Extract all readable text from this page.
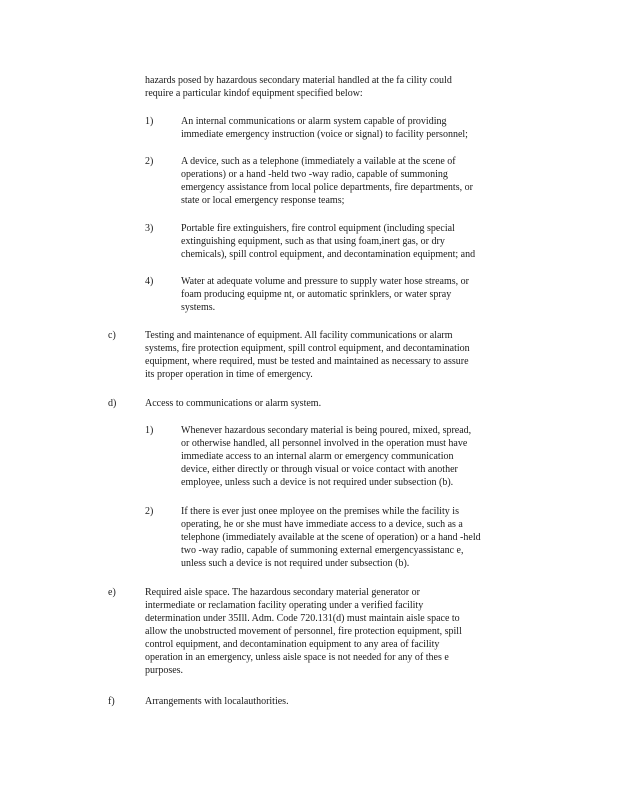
hazards posed by hazardous secondary material handled at the fa cility could
require a particular kindof equipment specified below:

1)	An internal communications or alarm system capable of providing
immediate emergency instruction (voice or signal) to facility personnel;

2)	A device, such as a telephone (immediately a vailable at the scene of
operations) or a hand -held two -way radio, capable of summoning
emergency assistance from local police departments, fire departments, or
state or local emergency response teams;

3)	Portable fire extinguishers, fire control equipment (including special
extinguishing equipment, such as that using foam,inert gas, or dry
chemicals), spill control equipment, and decontamination equipment; and

4)	Water at adequate volume and pressure to supply water hose streams, or
foam producing equipme nt, or automatic sprinklers, or water spray
systems.

c)	Testing and maintenance of equipment. All facility communications or alarm
systems, fire protection equipment, spill control equipment, and decontamination
equipment, where required, must be tested and maintained as necessary to assure
its proper operation in time of emergency.

d)	Access to communications or alarm system.

1)	Whenever hazardous secondary material is being poured, mixed, spread,
or otherwise handled, all personnel involved in the operation must have
immediate access to an internal alarm or emergency communication
device, either directly or through visual or voice contact with another
employee, unless such a device is not required under subsection (b).

2)	If there is ever just onee mployee on the premises while the facility is
operating, he or she must have immediate access to a device, such as a
telephone (immediately available at the scene of operation) or a hand -held
two -way radio, capable of summoning external emergencyassistanc e,
unless such a device is not required under subsection (b).

e)	Required aisle space. The hazardous secondary material generator or
intermediate or reclamation facility operating under a verified facility
determination under 35Ill. Adm. Code 720.131(d) must maintain aisle space to
allow the unobstructed movement of personnel, fire protection equipment, spill
control equipment, and decontamination equipment to any area of facility
operation in an emergency, unless aisle space is not needed for any of thes e
purposes.

f)	Arrangements with localauthorities.
